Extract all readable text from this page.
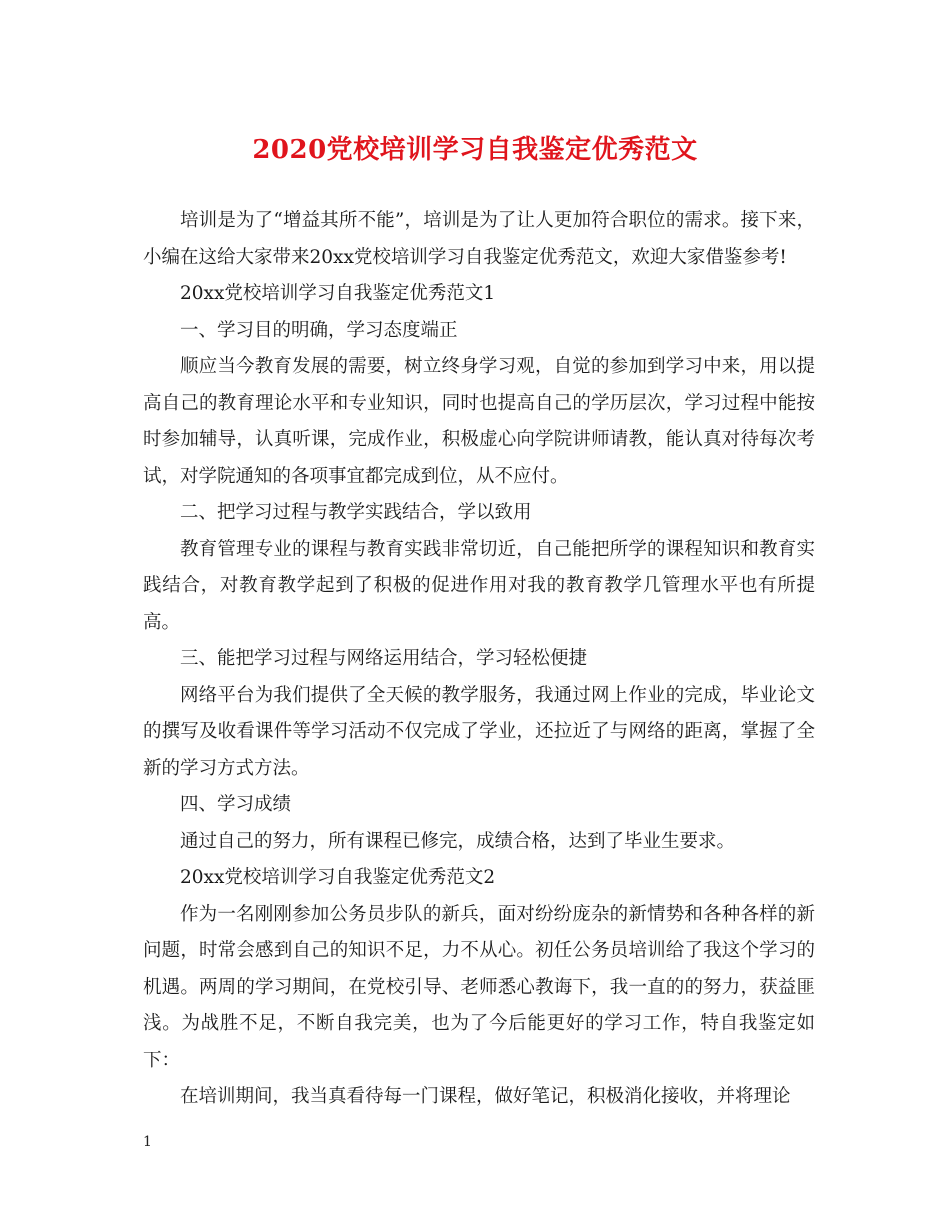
2020党校培训学习自我鉴定优秀范文

培训是为了“增益其所不能”，培训是为了让人更加符合职位的需求。接下来，小编在这给大家带来20xx党校培训学习自我鉴定优秀范文，欢迎大家借鉴参考!

20xx党校培训学习自我鉴定优秀范文1

一、学习目的明确，学习态度端正

顺应当今教育发展的需要，树立终身学习观，自觉的参加到学习中来，用以提高自己的教育理论水平和专业知识，同时也提高自己的学历层次，学习过程中能按时参加辅导，认真听课，完成作业，积极虚心向学院讲师请教，能认真对待每次考试，对学院通知的各项事宜都完成到位，从不应付。

二、把学习过程与教学实践结合，学以致用

教育管理专业的课程与教育实践非常切近，自己能把所学的课程知识和教育实践结合，对教育教学起到了积极的促进作用对我的教育教学几管理水平也有所提高。

三、能把学习过程与网络运用结合，学习轻松便捷

网络平台为我们提供了全天候的教学服务，我通过网上作业的完成，毕业论文的撰写及收看课件等学习活动不仅完成了学业，还拉近了与网络的距离，掌握了全新的学习方式方法。

四、学习成绩

通过自己的努力，所有课程已修完，成绩合格，达到了毕业生要求。

20xx党校培训学习自我鉴定优秀范文2

作为一名刚刚参加公务员步队的新兵，面对纷纷庞杂的新情势和各种各样的新问题，时常会感到自己的知识不足，力不从心。初任公务员培训给了我这个学习的机遇。两周的学习期间，在党校引导、老师悉心教诲下，我一直的的努力，获益匪浅。为战胜不足，不断自我完美，也为了今后能更好的学习工作，特自我鉴定如下：

在培训期间，我当真看待每一门课程，做好笔记，积极消化接收，并将理论

1
